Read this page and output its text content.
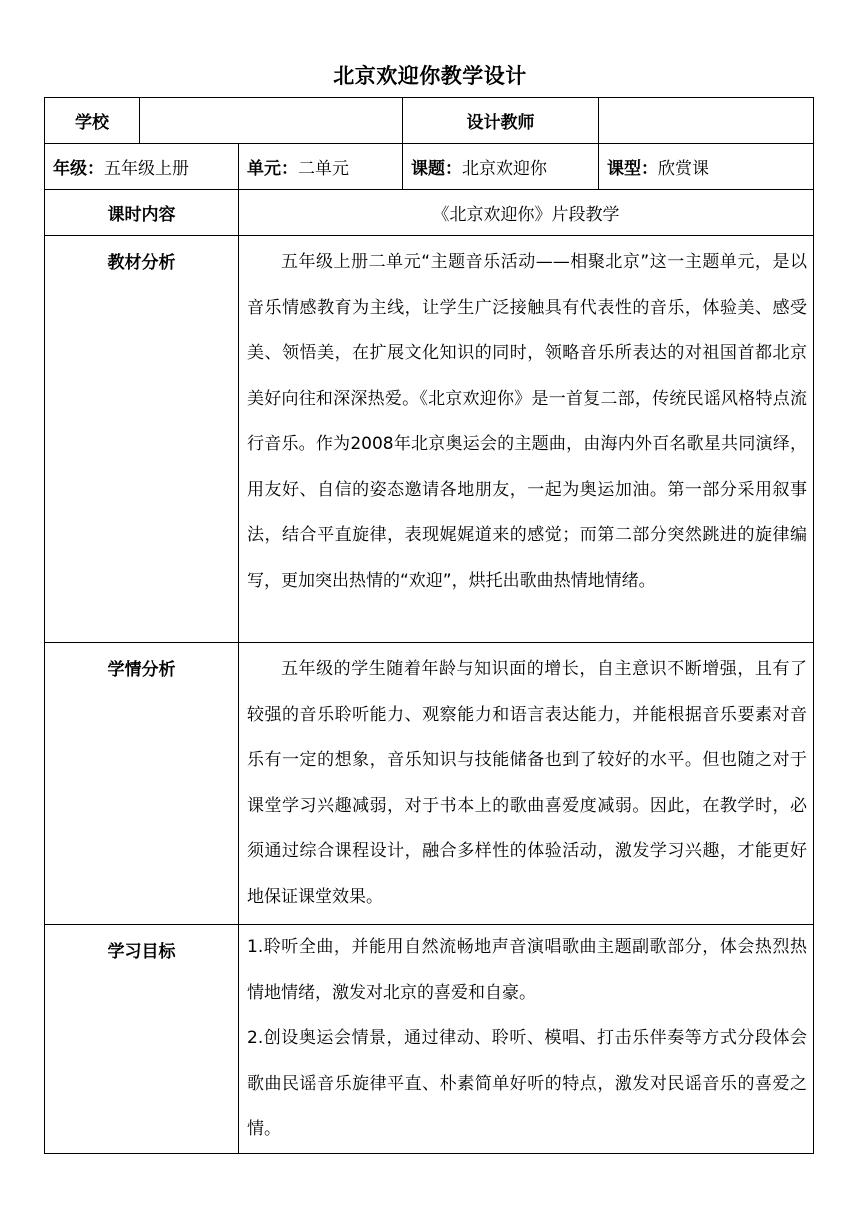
北京欢迎你教学设计
学校			设计教师	
年级：五年级上册		单元：二单元	课题：北京欢迎你	课型：欣赏课
课时内容		《北京欢迎你》片段教学		
教材分析		五年级上册二单元“主题音乐活动——相聚北京”这一主题单元，是以音乐情感教育为主线，让学生广泛接触具有代表性的音乐，体验美、感受美、领悟美，在扩展文化知识的同时，领略音乐所表达的对祖国首都北京美好向往和深深热爱。《北京欢迎你》是一首复二部，传统民谣风格特点流行音乐。作为2008年北京奥运会的主题曲，由海内外百名歌星共同演绎，用友好、自信的姿态邀请各地朋友，一起为奥运加油。第一部分采用叙事法，结合平直旋律，表现娓娓道来的感觉；而第二部分突然跳进的旋律编写，更加突出热情的“欢迎”，烘托出歌曲热情地情绪。		

学情分析		五年级的学生随着年龄与知识面的增长，自主意识不断增强，且有了较强的音乐聆听能力、观察能力和语言表达能力，并能根据音乐要素对音乐有一定的想象，音乐知识与技能储备也到了较好的水平。但也随之对于课堂学习兴趣减弱，对于书本上的歌曲喜爱度减弱。因此，在教学时，必须通过综合课程设计，融合多样性的体验活动，激发学习兴趣，才能更好地保证课堂效果。		

学习目标		1.聆听全曲，并能用自然流畅地声音演唱歌曲主题副歌部分，体会热烈热情地情绪，激发对北京的喜爱和自豪。

2.创设奥运会情景，通过律动、聆听、模唱、打击乐伴奏等方式分段体会歌曲民谣音乐旋律平直、朴素简单好听的特点，激发对民谣音乐的喜爱之情。		
